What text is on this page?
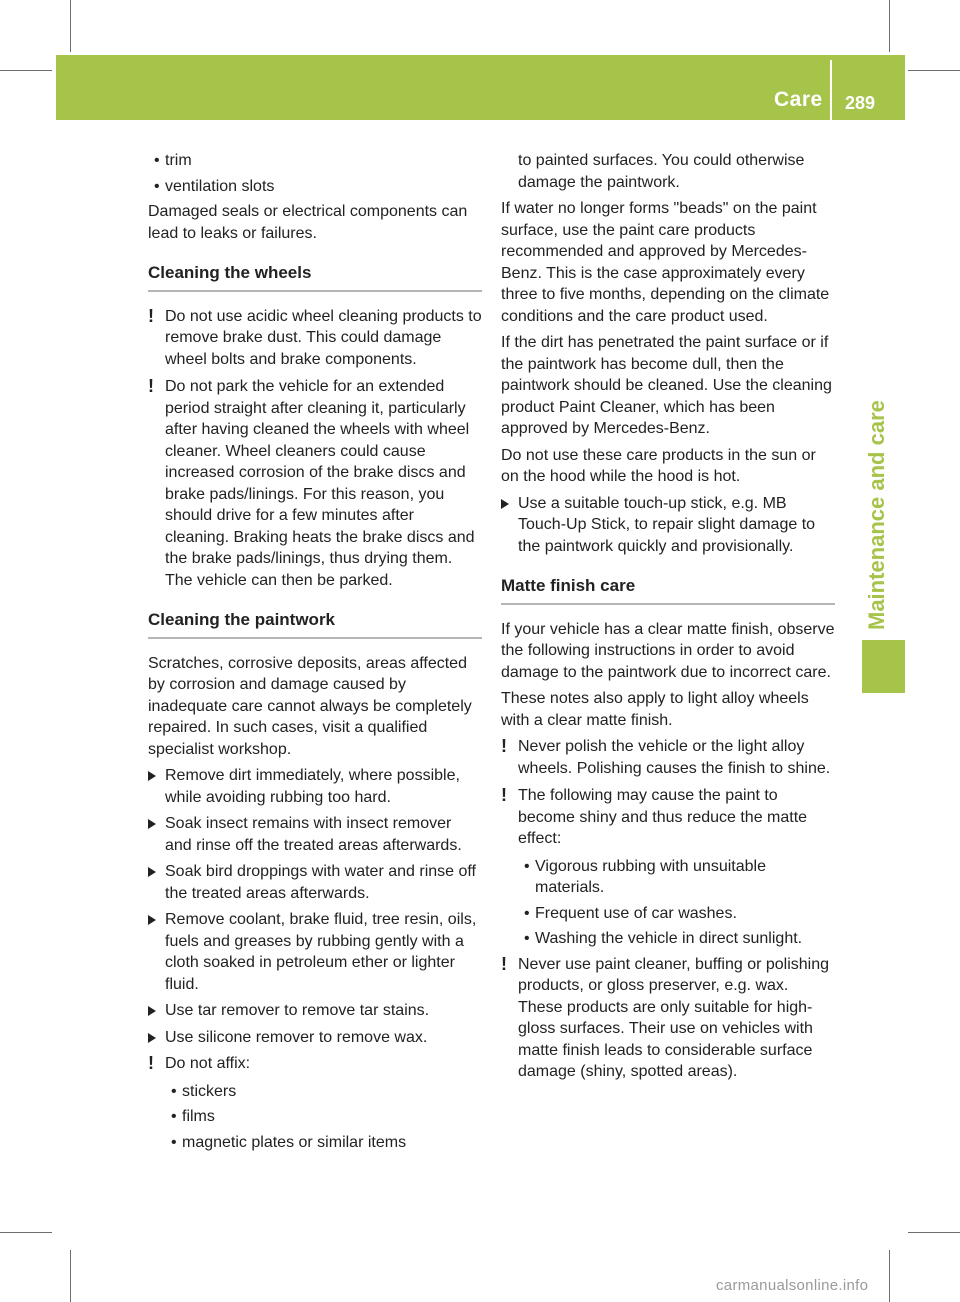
Care 289
Maintenance and care
• trim
• ventilation slots

Damaged seals or electrical components can lead to leaks or failures.

Cleaning the wheels
! Do not use acidic wheel cleaning products to remove brake dust. This could damage wheel bolts and brake components.
! Do not park the vehicle for an extended period straight after cleaning it, particularly after having cleaned the wheels with wheel cleaner. Wheel cleaners could cause increased corrosion of the brake discs and brake pads/linings. For this reason, you should drive for a few minutes after cleaning. Braking heats the brake discs and the brake pads/linings, thus drying them. The vehicle can then be parked.
Cleaning the paintwork

Scratches, corrosive deposits, areas affected by corrosion and damage caused by inadequate care cannot always be completely repaired. In such cases, visit a qualified specialist workshop.

Remove dirt immediately, where possible, while avoiding rubbing too hard.
Soak insect remains with insect remover and rinse off the treated areas afterwards.
Soak bird droppings with water and rinse off the treated areas afterwards.
Remove coolant, brake fluid, tree resin, oils, fuels and greases by rubbing gently with a cloth soaked in petroleum ether or lighter fluid.
Use tar remover to remove tar stains.
Use silicone remover to remove wax.
! Do not affix:
• stickers
• films
• magnetic plates or similar items

to painted surfaces. You could otherwise damage the paintwork.

If water no longer forms "beads" on the paint surface, use the paint care products recommended and approved by Mercedes-Benz. This is the case approximately every three to five months, depending on the climate conditions and the care product used.

If the dirt has penetrated the paint surface or if the paintwork has become dull, then the paintwork should be cleaned. Use the cleaning product Paint Cleaner, which has been approved by Mercedes-Benz.

Do not use these care products in the sun or on the hood while the hood is hot.

Use a suitable touch-up stick, e.g. MB Touch-Up Stick, to repair slight damage to the paintwork quickly and provisionally.
Matte finish care

If your vehicle has a clear matte finish, observe the following instructions in order to avoid damage to the paintwork due to incorrect care.

These notes also apply to light alloy wheels with a clear matte finish.

! Never polish the vehicle or the light alloy wheels. Polishing causes the finish to shine.
! The following may cause the paint to become shiny and thus reduce the matte effect:
• Vigorous rubbing with unsuitable materials.
• Frequent use of car washes.
• Washing the vehicle in direct sunlight.
! Never use paint cleaner, buffing or polishing products, or gloss preserver, e.g. wax. These products are only suitable for high-gloss surfaces. Their use on vehicles with matte finish leads to considerable surface damage (shiny, spotted areas).
carmanualsonline.info
